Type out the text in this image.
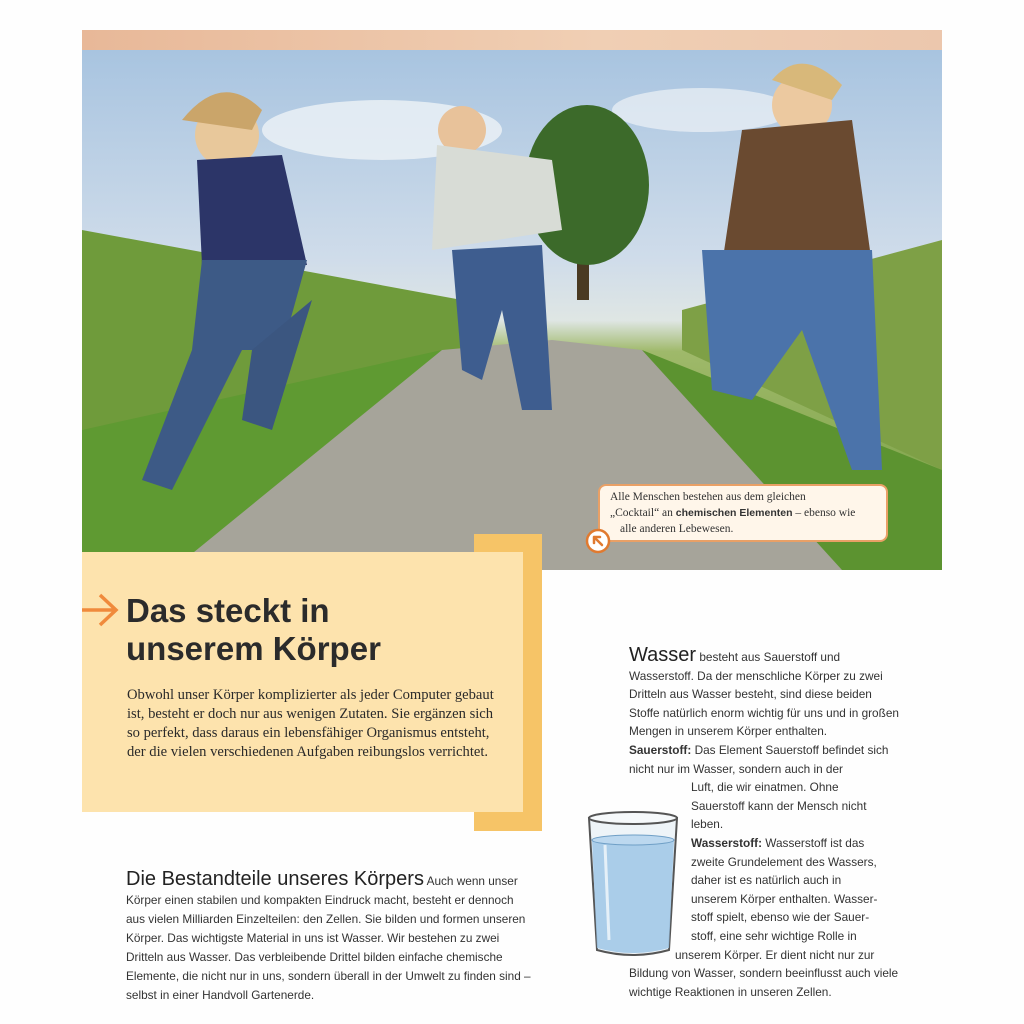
Alle Menschen bestehen aus dem gleichen
„Cocktail“ an chemischen Elementen – ebenso wie
alle anderen Lebewesen.
Das steckt in
unserem Körper
Obwohl unser Körper komplizierter als jeder Computer gebaut ist, besteht er doch nur aus wenigen Zutaten. Sie ergänzen sich so perfekt, dass daraus ein lebensfähiger Organismus entsteht, der die vielen verschiedenen Aufgaben reibungslos verrichtet.
Die Bestandteile unseres Körpers Auch wenn unser Körper einen stabilen und kompakten Eindruck macht, besteht er dennoch aus vielen Milliarden Einzelteilen: den Zellen. Sie bilden und formen unseren Körper. Das wichtigste Material in uns ist Wasser. Wir bestehen zu zwei Dritteln aus Wasser. Das verbleibende Drittel bilden einfache chemische Elemente, die nicht nur in uns, sondern überall in der Umwelt zu finden sind – selbst in einer Handvoll Gartenerde.
Wasser besteht aus Sauerstoff und Wasserstoff. Da der menschliche Körper zu zwei Dritteln aus Wasser besteht, sind diese beiden Stoffe natürlich enorm wichtig für uns und in großen Mengen in unserem Körper enthalten.
Sauerstoff: Das Element Sauerstoff befindet sich nicht nur im Wasser, sondern auch in der
Luft, die wir einatmen. Ohne
Sauerstoff kann der Mensch nicht
leben.
Wasserstoff: Wasserstoff ist das
zweite Grundelement des Wassers,
daher ist es natürlich auch in
unserem Körper enthalten. Wasser-
stoff spielt, ebenso wie der Sauer-
stoff, eine sehr wichtige Rolle in
unserem Körper. Er dient nicht nur zur
Bildung von Wasser, sondern beeinflusst auch viele wichtige Reaktionen in unseren Zellen.
